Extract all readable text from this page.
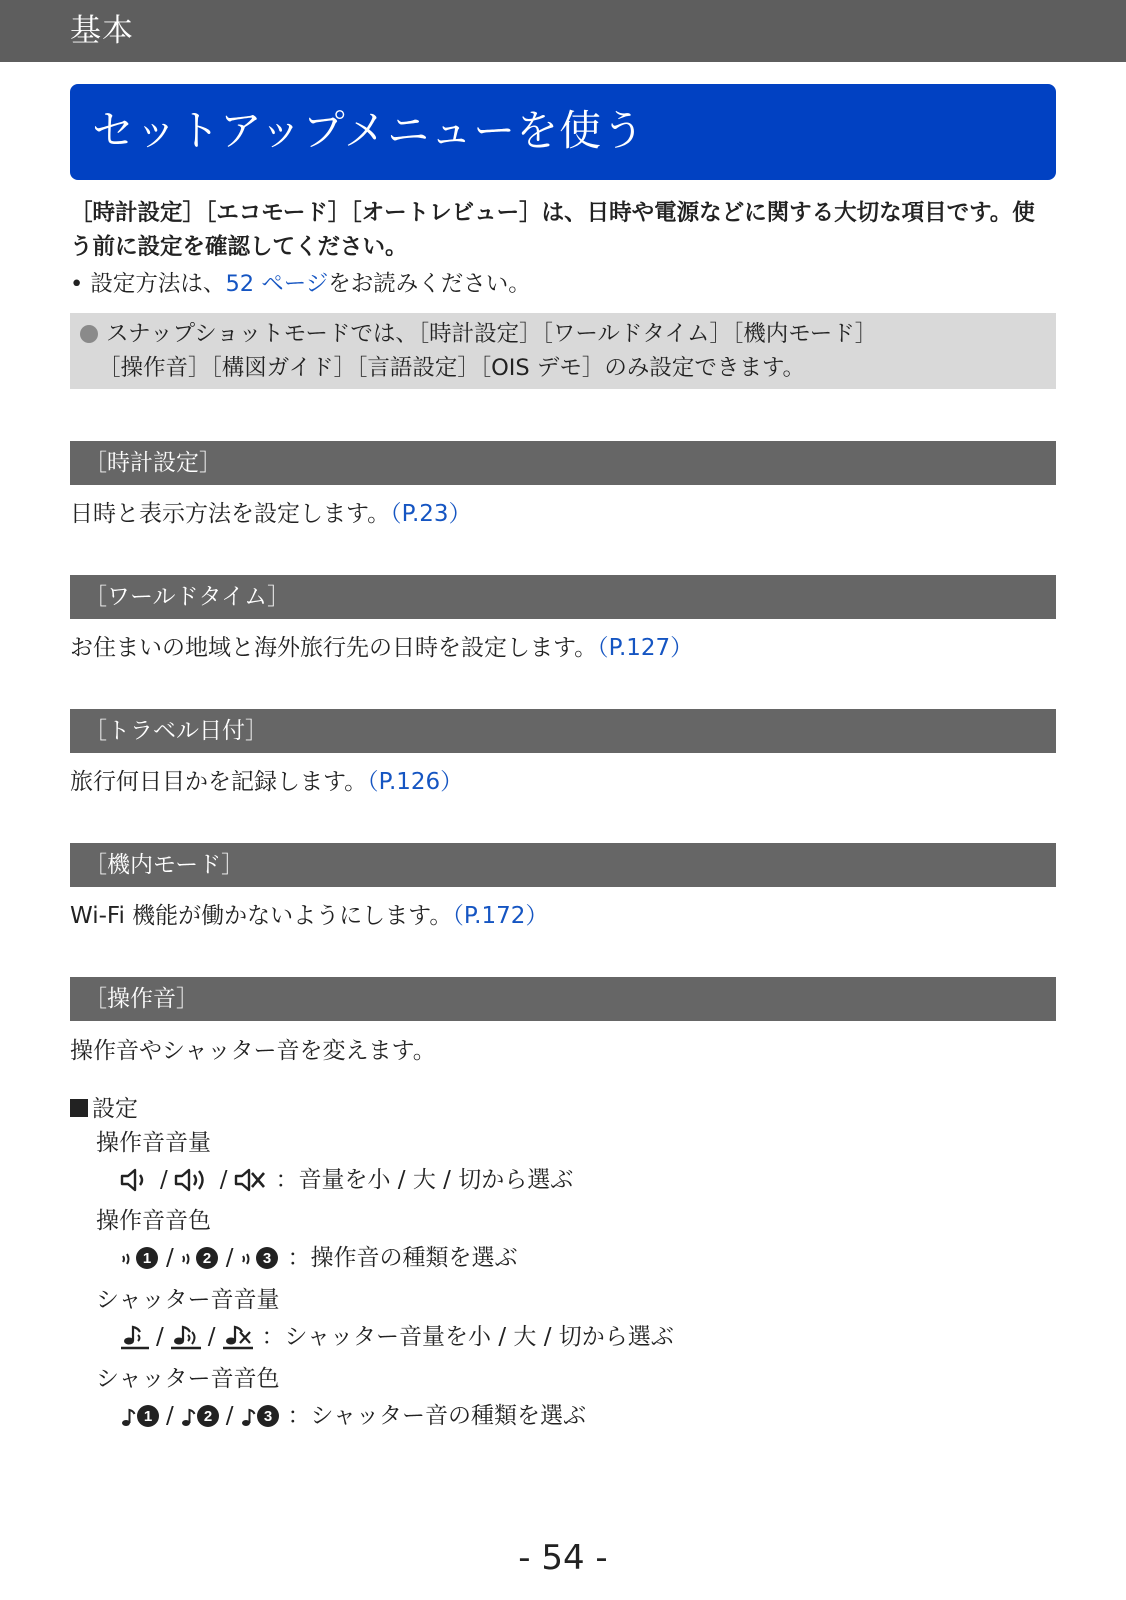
基本
セットアップメニューを使う
［時計設定］［エコモード］［オートレビュー］は、日時や電源などに関する大切な項目です。使う前に設定を確認してください。
• 設定方法は、52 ページをお読みください。
スナップショットモードでは、［時計設定］［ワールドタイム］［機内モード］
［操作音］［構図ガイド］［言語設定］［OIS デモ］のみ設定できます。
［時計設定］
日時と表示方法を設定します。（P.23）
［ワールドタイム］
お住まいの地域と海外旅行先の日時を設定します。（P.127）
［トラベル日付］
旅行何日目かを記録します。（P.126）
［機内モード］
Wi-Fi 機能が働かないようにします。（P.172）
［操作音］
操作音やシャッター音を変えます。
設定
操作音音量
/ / ：音量を小 / 大 / 切から選ぶ
操作音音色
1 / 2 / 3 ：操作音の種類を選ぶ
シャッター音音量
/ / ：シャッター音量を小 / 大 / 切から選ぶ
シャッター音音色
1 / 2 / 3 ：シャッター音の種類を選ぶ
- 54 -
